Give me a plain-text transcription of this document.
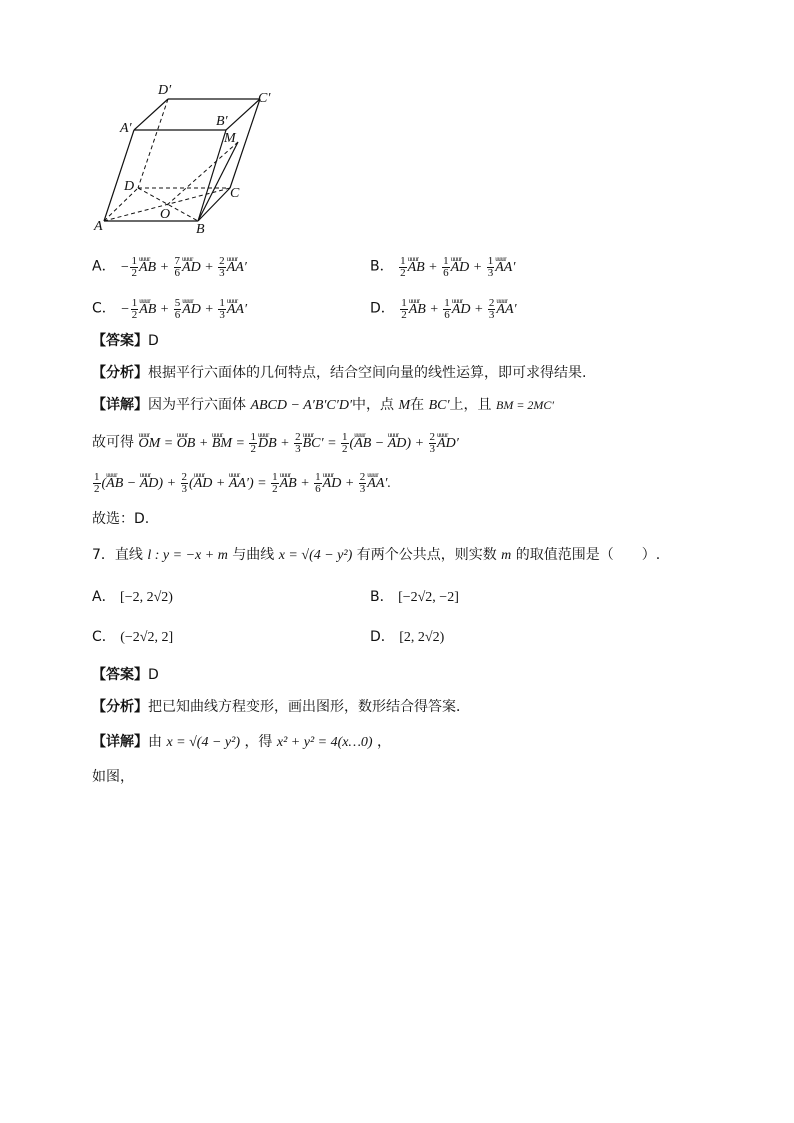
D′
C′
A′	B′
M
D	C
O
A	B
A． − $\frac{1}{2}$ uuur AB + $\frac{7}{6}$ uuur AD + $\frac{2}{3}$ uuur AA′	B． $\frac{1}{2}$ uuur AB + $\frac{1}{6}$ uuur AD + $\frac{1}{3}$ uuur AA′
C． − $\frac{1}{2}$ uuur AB + $\frac{5}{6}$ uuur AD + $\frac{1}{3}$ uuur AA′	D． $\frac{1}{2}$ uuur AB + $\frac{1}{6}$ uuur AD + $\frac{2}{3}$ uuur AA′
【答案】D
【分析】根据平行六面体的几何特点，结合空间向量的线性运算，即可求得结果.
【详解】因为平行六面体 ABCD − A′B′C′D′中，点 M在 BC′上，且 BM = 2MC′
故可得 uuur OM = uuur OB + uuur BM = $\frac{1}{2}$ uuur DB + $\frac{2}{3}$ uuur $BC' = \frac{1}{2}$ (uuur AB − uuur $AD) + \frac{2}{3}$ uuur AD′
$\frac{1}{2}$ (uuur AB − uuur $AD) + \frac{2}{3}$ (uuur AD + uuur $AA') = \frac{1}{2}$ uuur AB + $\frac{1}{6}$ uuur AD + $\frac{2}{3}$ uuur AA′.
故选：D.
7．直线 l : y = −x + m 与曲线 x = √(4 − y²) 有两个公共点，则实数 m 的取值范围是（　　）.
A． [−2, 2√2)	B． [−2√2, −2]
C． (−2√2, 2]	D． [2, 2√2)
【答案】D
【分析】把已知曲线方程变形，画出图形，数形结合得答案．
【详解】由 x = √(4 − y²) ，得 x² + y² = 4(x…0) ，
如图，
